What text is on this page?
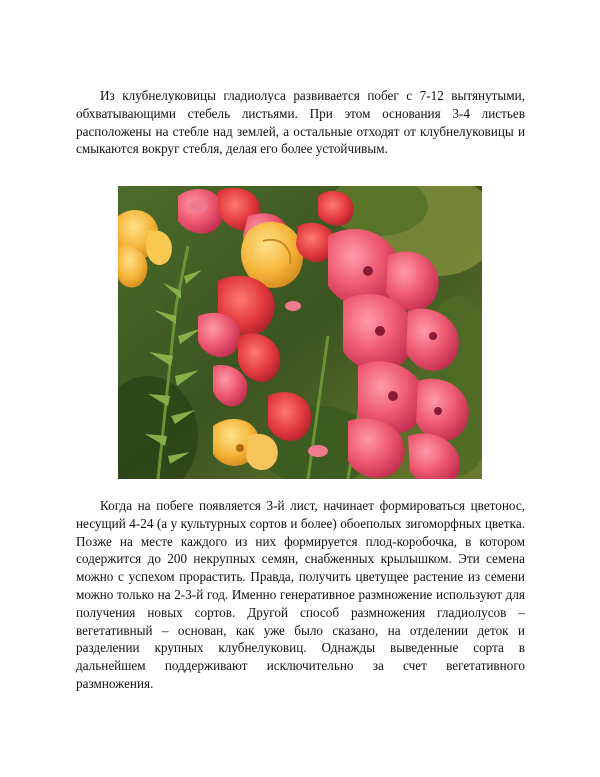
Из клубнелуковицы гладиолуса развивается побег с 7-12 вытянутыми, обхватывающими стебель листьями. При этом основания 3-4 листьев расположены на стебле над землей, а остальные отходят от клубнелуковицы и смыкаются вокруг стебля, делая его более устойчивым.

Когда на побеге появляется 3-й лист, начинает формироваться цветонос, несущий 4-24 (а у культурных сортов и более) обоеполых зигоморфных цветка. Позже на месте каждого из них формируется плод-коробочка, в котором содержится до 200 некрупных семян, снабженных крылышком. Эти семена можно с успехом прорастить. Правда, получить цветущее растение из семени можно только на 2-3-й год. Именно генеративное размножение используют для получения новых сортов. Другой способ размножения гладиолусов – вегетативный – основан, как уже было сказано, на отделении деток и разделении крупных клубнелуковиц. Однажды выведенные сорта в дальнейшем поддерживают исключительно за счет вегетативного размножения.
